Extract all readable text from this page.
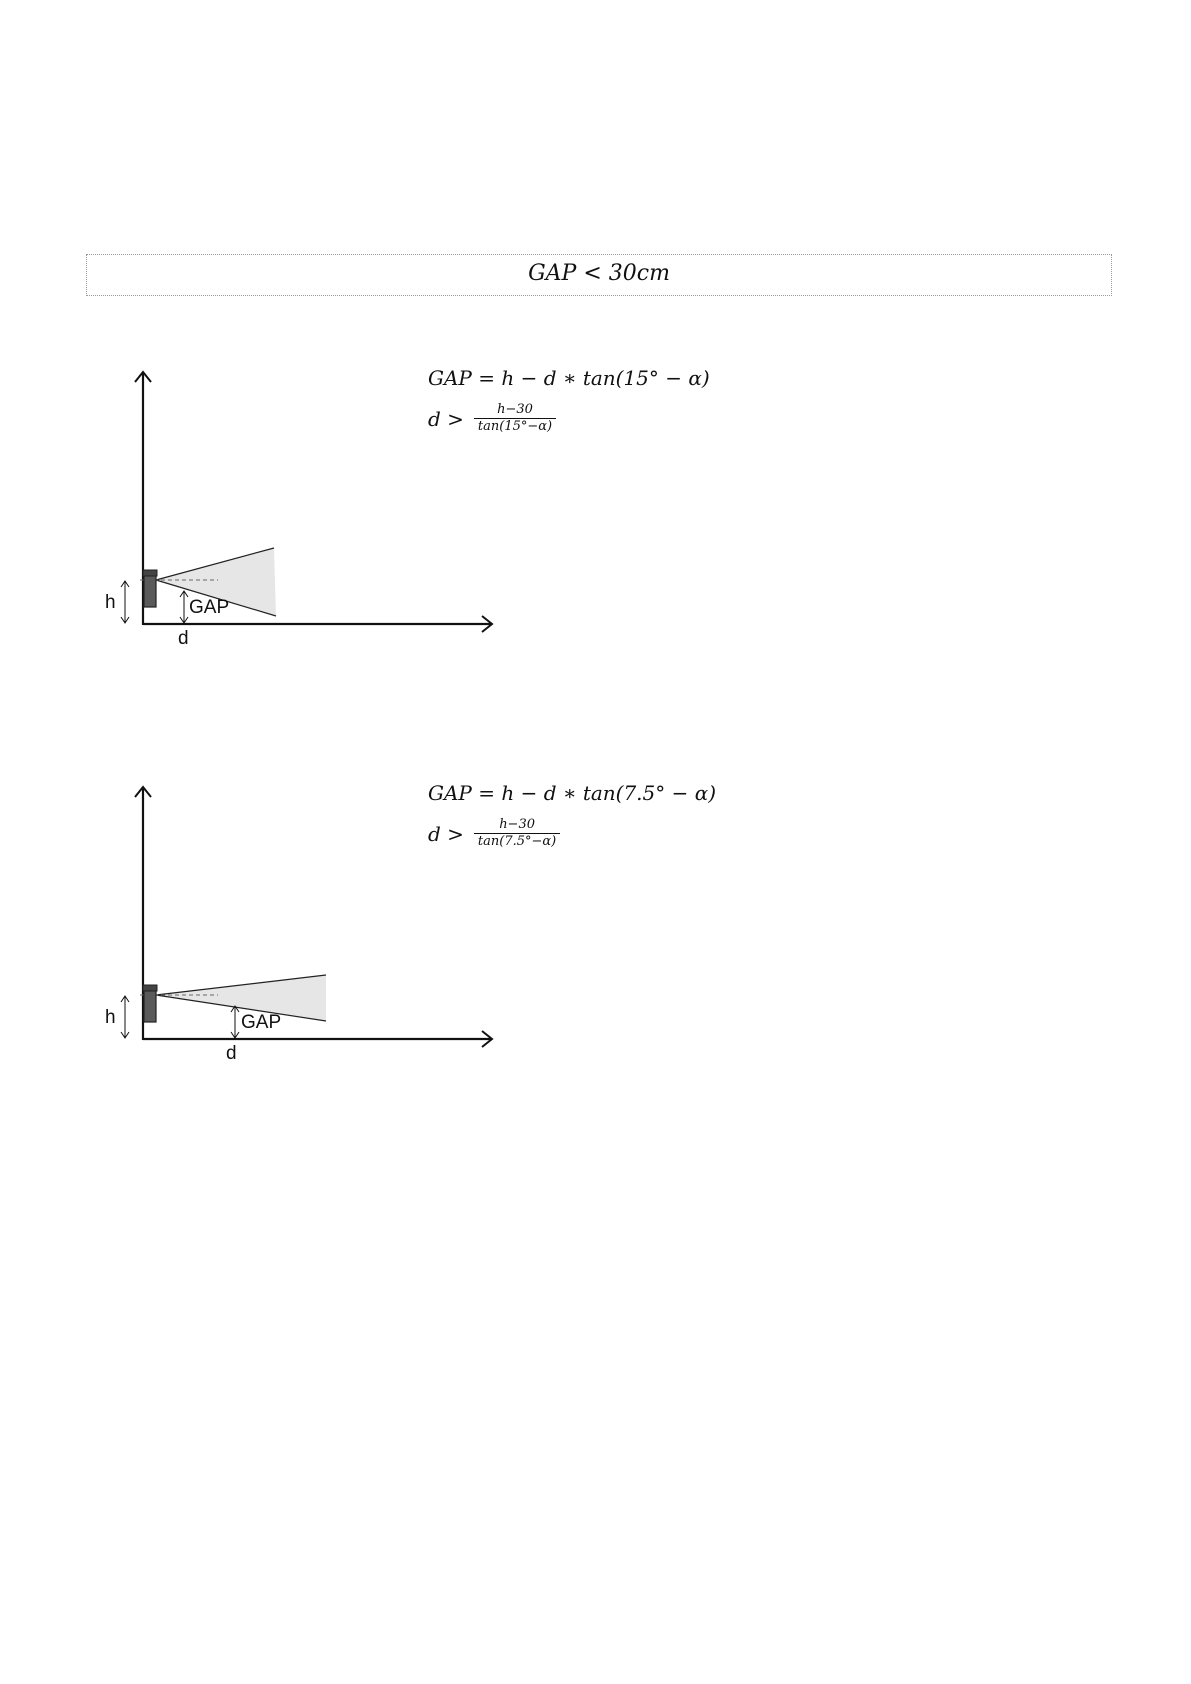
GAP < 30cm
GAP = h − d ∗ tan(15° − α)
$d > \frac{h-30}{\tan(15^\circ-\alpha)}$
h	GAP
d
GAP = h − d ∗ tan(7.5° − α)
$d > \frac{h-30}{\tan(7.5^\circ-\alpha)}$
h	GAP
d
